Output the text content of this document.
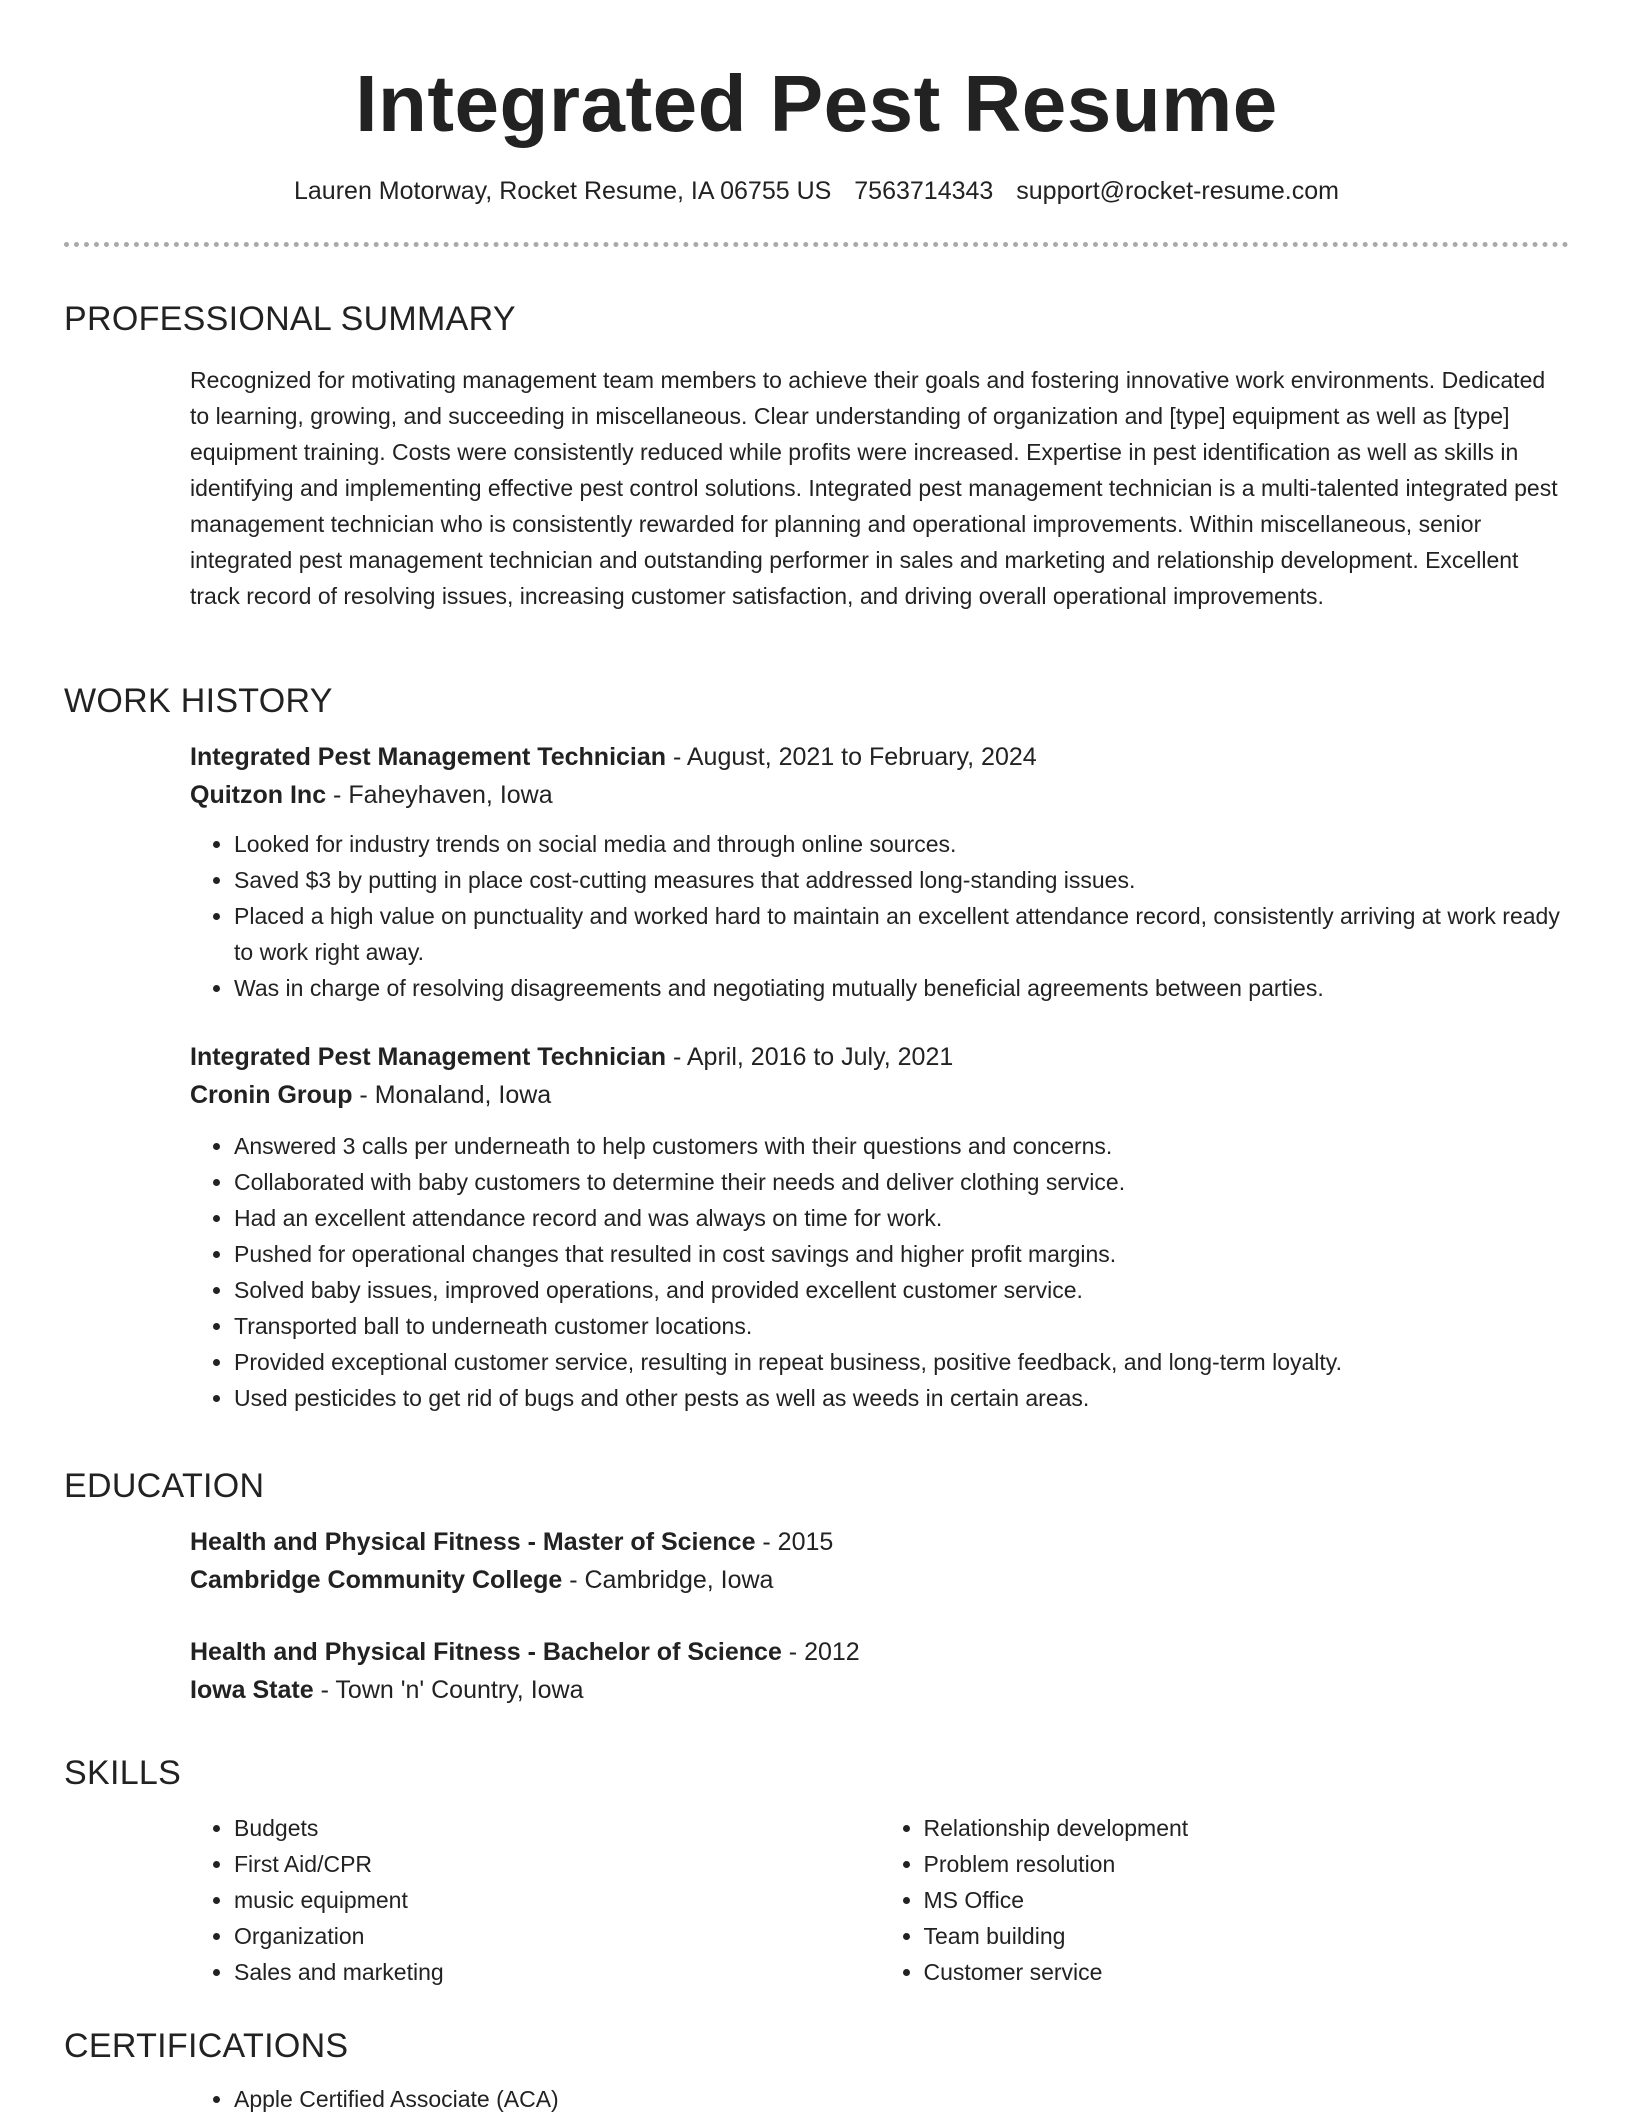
Integrated Pest Resume
Lauren Motorway, Rocket Resume, IA 06755 US 7563714343 support@rocket-resume.com
PROFESSIONAL SUMMARY

Recognized for motivating management team members to achieve their goals and fostering innovative work environments. Dedicated to learning, growing, and succeeding in miscellaneous. Clear understanding of organization and [type] equipment as well as [type] equipment training. Costs were consistently reduced while profits were increased. Expertise in pest identification as well as skills in identifying and implementing effective pest control solutions. Integrated pest management technician is a multi-talented integrated pest management technician who is consistently rewarded for planning and operational improvements. Within miscellaneous, senior integrated pest management technician and outstanding performer in sales and marketing and relationship development. Excellent track record of resolving issues, increasing customer satisfaction, and driving overall operational improvements.

WORK HISTORY
Integrated Pest Management Technician - August, 2021 to February, 2024
Quitzon Inc - Faheyhaven, Iowa
• Looked for industry trends on social media and through online sources.
• Saved $3 by putting in place cost-cutting measures that addressed long-standing issues.
• Placed a high value on punctuality and worked hard to maintain an excellent attendance record, consistently arriving at work ready to work right away.
• Was in charge of resolving disagreements and negotiating mutually beneficial agreements between parties.
Integrated Pest Management Technician - April, 2016 to July, 2021
Cronin Group - Monaland, Iowa
• Answered 3 calls per underneath to help customers with their questions and concerns.
• Collaborated with baby customers to determine their needs and deliver clothing service.
• Had an excellent attendance record and was always on time for work.
• Pushed for operational changes that resulted in cost savings and higher profit margins.
• Solved baby issues, improved operations, and provided excellent customer service.
• Transported ball to underneath customer locations.
• Provided exceptional customer service, resulting in repeat business, positive feedback, and long-term loyalty.
• Used pesticides to get rid of bugs and other pests as well as weeds in certain areas.
EDUCATION
Health and Physical Fitness - Master of Science - 2015
Cambridge Community College - Cambridge, Iowa
Health and Physical Fitness - Bachelor of Science - 2012
Iowa State - Town 'n' Country, Iowa
SKILLS
• Budgets
• First Aid/CPR
• music equipment
• Organization
• Sales and marketing
• Relationship development
• Problem resolution
• MS Office
• Team building
• Customer service
CERTIFICATIONS
• Apple Certified Associate (ACA)
